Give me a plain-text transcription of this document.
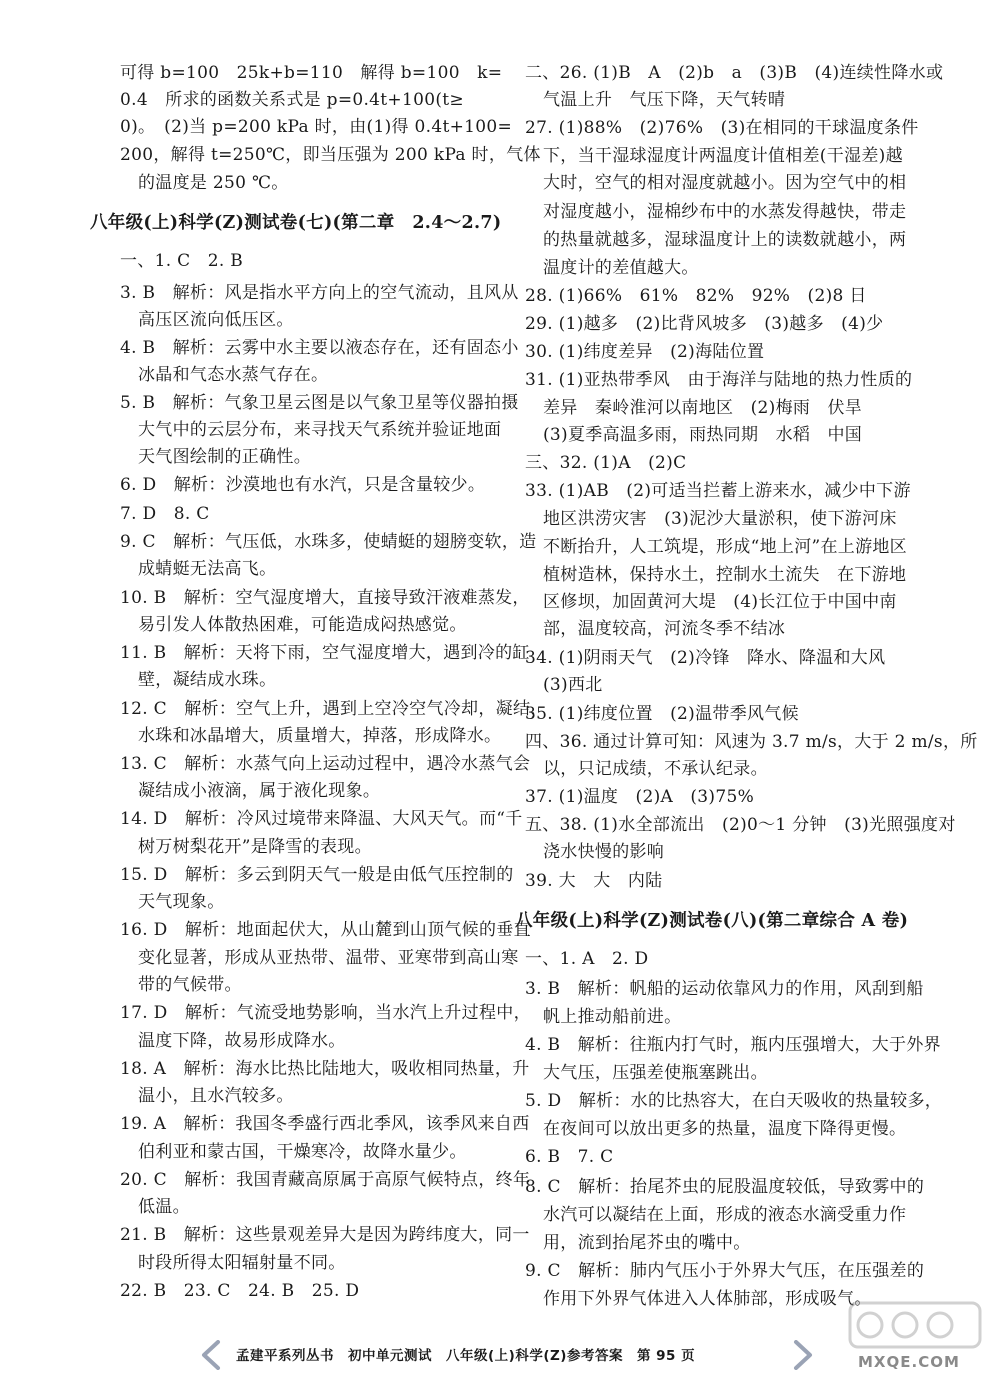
可得 b=100　25k+b=110　解得 b=100　k=
0.4　所求的函数关系式是 p=0.4t+100(t≥
0)。　(2)当 p=200 kPa 时，由(1)得 0.4t+100=
200，解得 t=250℃，即当压强为 200 kPa 时，气体
的温度是 250 ℃。
八年级(上)科学(Z)测试卷(七)(第二章　2.4～2.7)
一、1. C　2. B
3. B　解析：风是指水平方向上的空气流动，且风从
高压区流向低压区。
4. B　解析：云雾中水主要以液态存在，还有固态小
冰晶和气态水蒸气存在。
5. B　解析：气象卫星云图是以气象卫星等仪器拍摄
大气中的云层分布，来寻找天气系统并验证地面
天气图绘制的正确性。
6. D　解析：沙漠地也有水汽，只是含量较少。
7. D　8. C
9. C　解析：气压低，水珠多，使蜻蜓的翅膀变软，造
成蜻蜓无法高飞。
10. B　解析：空气湿度增大，直接导致汗液难蒸发，
易引发人体散热困难，可能造成闷热感觉。
11. B　解析：天将下雨，空气湿度增大，遇到冷的缸
壁，凝结成水珠。
12. C　解析：空气上升，遇到上空冷空气冷却，凝结，
水珠和冰晶增大，质量增大，掉落，形成降水。
13. C　解析：水蒸气向上运动过程中，遇冷水蒸气会
凝结成小液滴，属于液化现象。
14. D　解析：冷风过境带来降温、大风天气。而“千
树万树梨花开”是降雪的表现。
15. D　解析：多云到阴天气一般是由低气压控制的
天气现象。
16. D　解析：地面起伏大，从山麓到山顶气候的垂直
变化显著，形成从亚热带、温带、亚寒带到高山寒
带的气候带。
17. D　解析：气流受地势影响，当水汽上升过程中，
温度下降，故易形成降水。
18. A　解析：海水比热比陆地大，吸收相同热量，升
温小，且水汽较多。
19. A　解析：我国冬季盛行西北季风，该季风来自西
伯利亚和蒙古国，干燥寒冷，故降水量少。
20. C　解析：我国青藏高原属于高原气候特点，终年
低温。
21. B　解析：这些景观差异大是因为跨纬度大，同一
时段所得太阳辐射量不同。
22. B　23. C　24. B　25. D
二、26. (1)B　A　(2)b　a　(3)B　(4)连续性降水或
气温上升　气压下降，天气转晴
27. (1)88%　(2)76%　(3)在相同的干球温度条件
下，当干湿球湿度计两温度计值相差(干湿差)越
大时，空气的相对湿度就越小。因为空气中的相
对湿度越小，湿棉纱布中的水蒸发得越快，带走
的热量就越多，湿球温度计上的读数就越小，两
温度计的差值越大。
28. (1)66%　61%　82%　92%　(2)8 日
29. (1)越多　(2)比背风坡多　(3)越多　(4)少
30. (1)纬度差异　(2)海陆位置
31. (1)亚热带季风　由于海洋与陆地的热力性质的
差异　秦岭淮河以南地区　(2)梅雨　伏旱
(3)夏季高温多雨，雨热同期　水稻　中国
三、32. (1)A　(2)C
33. (1)AB　(2)可适当拦蓄上游来水，减少中下游
地区洪涝灾害　(3)泥沙大量淤积，使下游河床
不断抬升，人工筑堤，形成“地上河”在上游地区
植树造林，保持水土，控制水土流失　在下游地
区修坝，加固黄河大堤　(4)长江位于中国中南
部，温度较高，河流冬季不结冰
34. (1)阴雨天气　(2)冷锋　降水、降温和大风
(3)西北
35. (1)纬度位置　(2)温带季风气候
四、36. 通过计算可知：风速为 3.7 m/s，大于 2 m/s，所
以，只记成绩，不承认纪录。
37. (1)温度　(2)A　(3)75%
五、38. (1)水全部流出　(2)0～1 分钟　(3)光照强度对
浇水快慢的影响
39. 大　大　内陆
八年级(上)科学(Z)测试卷(八)(第二章综合 A 卷)
一、1. A　2. D
3. B　解析：帆船的运动依靠风力的作用，风刮到船
帆上推动船前进。
4. B　解析：往瓶内打气时，瓶内压强增大，大于外界
大气压，压强差使瓶塞跳出。
5. D　解析：水的比热容大，在白天吸收的热量较多，
在夜间可以放出更多的热量，温度下降得更慢。
6. B　7. C
8. C　解析：抬尾芥虫的屁股温度较低，导致雾中的
水汽可以凝结在上面，形成的液态水滴受重力作
用，流到抬尾芥虫的嘴中。
9. C　解析：肺内气压小于外界大气压，在压强差的
作用下外界气体进入人体肺部，形成吸气。
孟建平系列丛书　初中单元测试　八年级(上)科学(Z)参考答案　第 95 页	MXQE.COM
